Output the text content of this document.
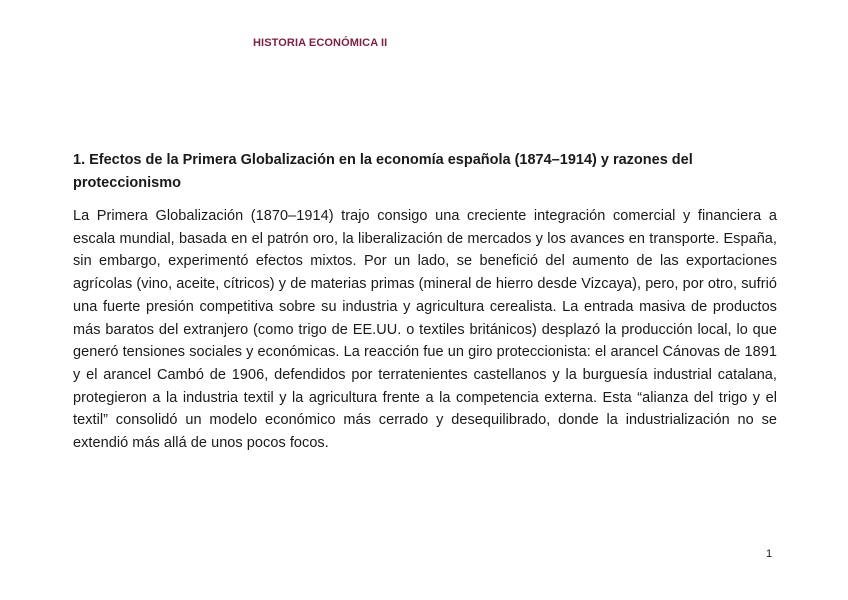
HISTORIA ECONÓMICA II
1. Efectos de la Primera Globalización en la economía española (1874–1914) y razones del proteccionismo

La Primera Globalización (1870–1914) trajo consigo una creciente integración comercial y financiera a escala mundial, basada en el patrón oro, la liberalización de mercados y los avances en transporte. España, sin embargo, experimentó efectos mixtos. Por un lado, se benefició del aumento de las exportaciones agrícolas (vino, aceite, cítricos) y de materias primas (mineral de hierro desde Vizcaya), pero, por otro, sufrió una fuerte presión competitiva sobre su industria y agricultura cerealista. La entrada masiva de productos más baratos del extranjero (como trigo de EE.UU. o textiles británicos) desplazó la producción local, lo que generó tensiones sociales y económicas. La reacción fue un giro proteccionista: el arancel Cánovas de 1891 y el arancel Cambó de 1906, defendidos por terratenientes castellanos y la burguesía industrial catalana, protegieron a la industria textil y la agricultura frente a la competencia externa. Esta “alianza del trigo y el textil” consolidó un modelo económico más cerrado y desequilibrado, donde la industrialización no se extendió más allá de unos pocos focos.

1
